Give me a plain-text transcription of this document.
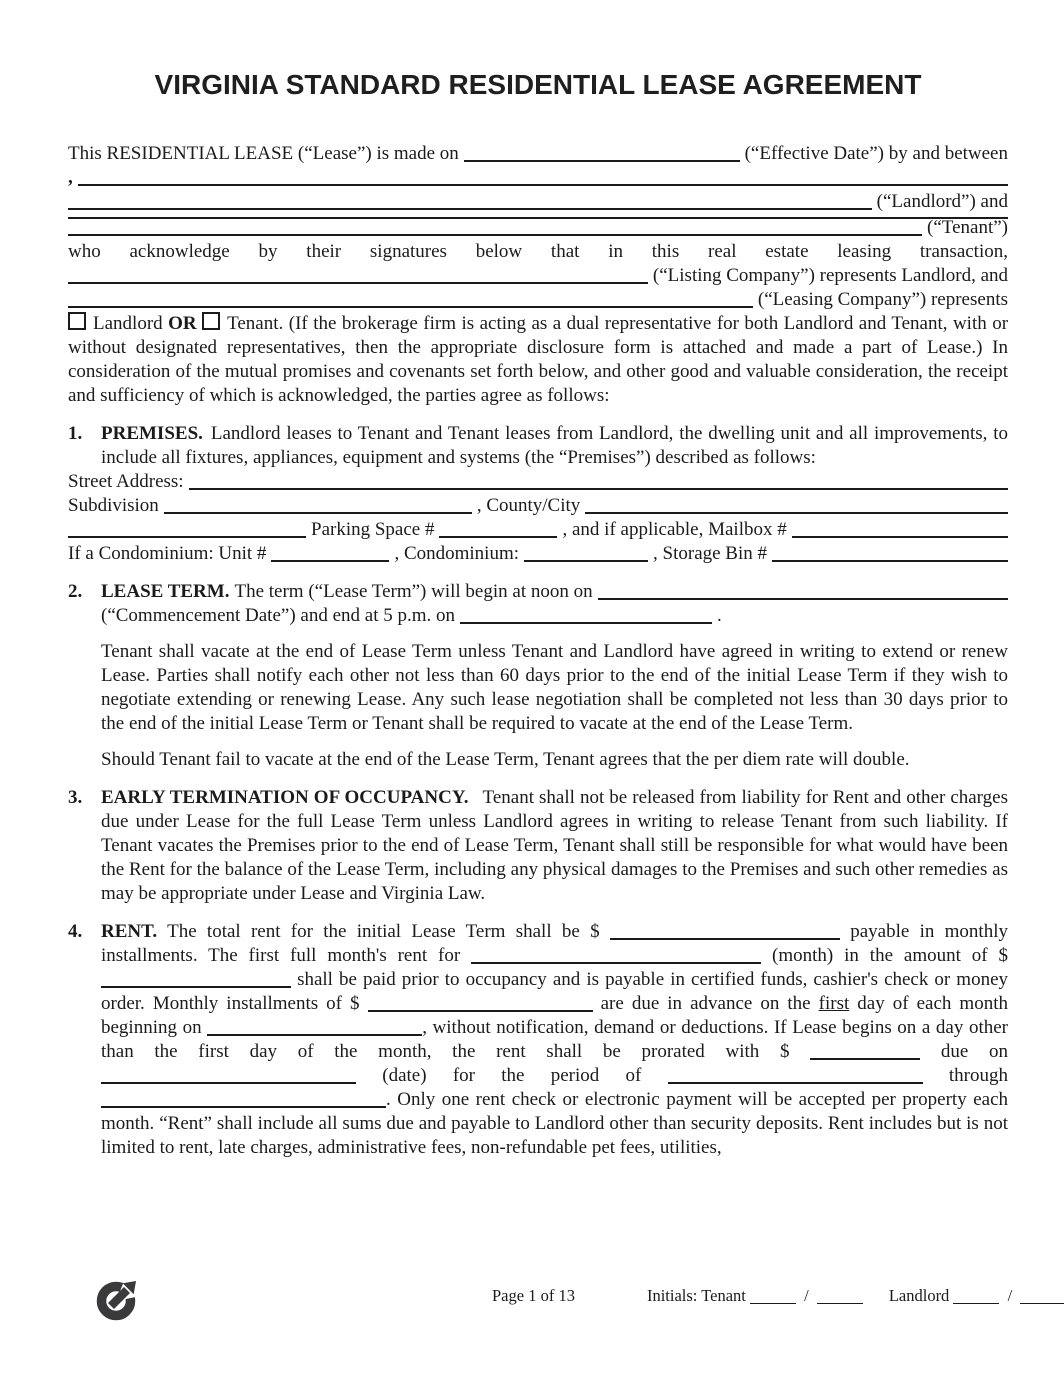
VIRGINIA STANDARD RESIDENTIAL LEASE AGREEMENT
This RESIDENTIAL LEASE (“Lease”) is made on	(“Effective Date”) by and between
,
(“Landlord”) and
(“Tenant”)
who acknowledge by their signatures below that in this real estate leasing transaction,
(“Listing Company”) represents Landlord, and
(“Leasing Company”) represents

Landlord OR Tenant. (If the brokerage firm is acting as a dual representative for both Landlord and Tenant, with or without designated representatives, then the appropriate disclosure form is attached and made a part of Lease.) In consideration of the mutual promises and covenants set forth below, and other good and valuable consideration, the receipt and sufficiency of which is acknowledged, the parties agree as follows:

1. PREMISES. Landlord leases to Tenant and Tenant leases from Landlord, the dwelling unit and all improvements, to include all fixtures, appliances, equipment and systems (the “Premises”) described as follows:

Street Address:
Subdivision	, County/City
Parking Space #	, and if applicable, Mailbox #
If a Condominium: Unit #	, Condominium:	, Storage Bin #
2. LEASE TERM. The term (“Lease Term”) will begin at noon on
(“Commencement Date”) and end at 5 p.m. on	.

Tenant shall vacate at the end of Lease Term unless Tenant and Landlord have agreed in writing to extend or renew Lease. Parties shall notify each other not less than 60 days prior to the end of the initial Lease Term if they wish to negotiate extending or renewing Lease. Any such lease negotiation shall be completed not less than 30 days prior to the end of the initial Lease Term or Tenant shall be required to vacate at the end of the Lease Term.

Should Tenant fail to vacate at the end of the Lease Term, Tenant agrees that the per diem rate will double.

3. EARLY TERMINATION OF OCCUPANCY. Tenant shall not be released from liability for Rent and other charges due under Lease for the full Lease Term unless Landlord agrees in writing to release Tenant from such liability. If Tenant vacates the Premises prior to the end of Lease Term, Tenant shall still be responsible for what would have been the Rent for the balance of the Lease Term, including any physical damages to the Premises and such other remedies as may be appropriate under Lease and Virginia Law.

4. RENT. The total rent for the initial Lease Term shall be $	payable in monthly installments. The first full month's rent for	(month) in the amount of $  shall be paid prior to occupancy and is payable in certified funds, cashier's check or money order. Monthly installments of $	are due in advance on the first day of each month beginning on	, without notification, demand or deductions. If Lease begins on a day other than the first day of the month, the rent shall be prorated with $	due on  (date) for the period of	through . Only one rent check or electronic payment will be accepted per property each month. “Rent” shall include all sums due and payable to Landlord other than security deposits. Rent includes but is not limited to rent, late charges, administrative fees, non-refundable pet fees, utilities,

Page 1 of 13	Initials: Tenant	/	Landlord	/
